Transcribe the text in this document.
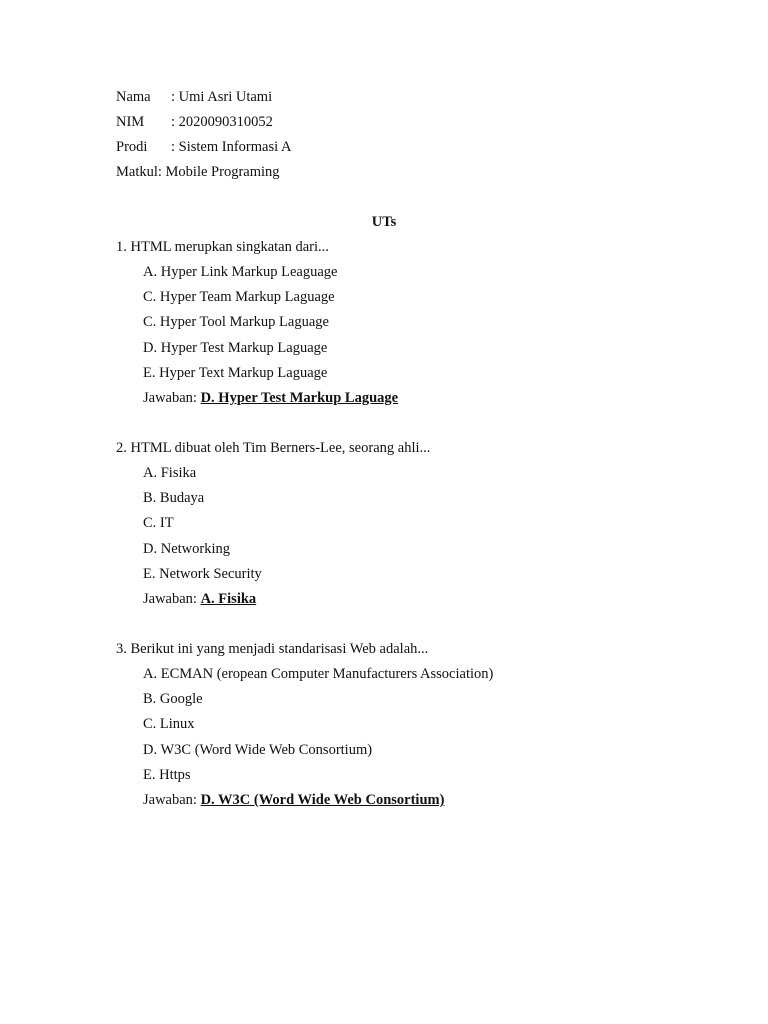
Nama : Umi Asri Utami
NIM : 2020090310052
Prodi : Sistem Informasi A
Matkul: Mobile Programing
UTs
1. HTML merupkan singkatan dari...
A. Hyper Link Markup Leaguage
C. Hyper Team Markup Laguage
C. Hyper Tool Markup Laguage
D. Hyper Test Markup Laguage
E. Hyper Text Markup Laguage
Jawaban: D. Hyper Test Markup Laguage
2. HTML dibuat oleh Tim Berners-Lee, seorang ahli...
A. Fisika
B. Budaya
C. IT
D. Networking
E. Network Security
Jawaban: A. Fisika
3. Berikut ini yang menjadi standarisasi Web adalah...
A. ECMAN (eropean Computer Manufacturers Association)
B. Google
C. Linux
D. W3C (Word Wide Web Consortium)
E. Https
Jawaban: D. W3C (Word Wide Web Consortium)
